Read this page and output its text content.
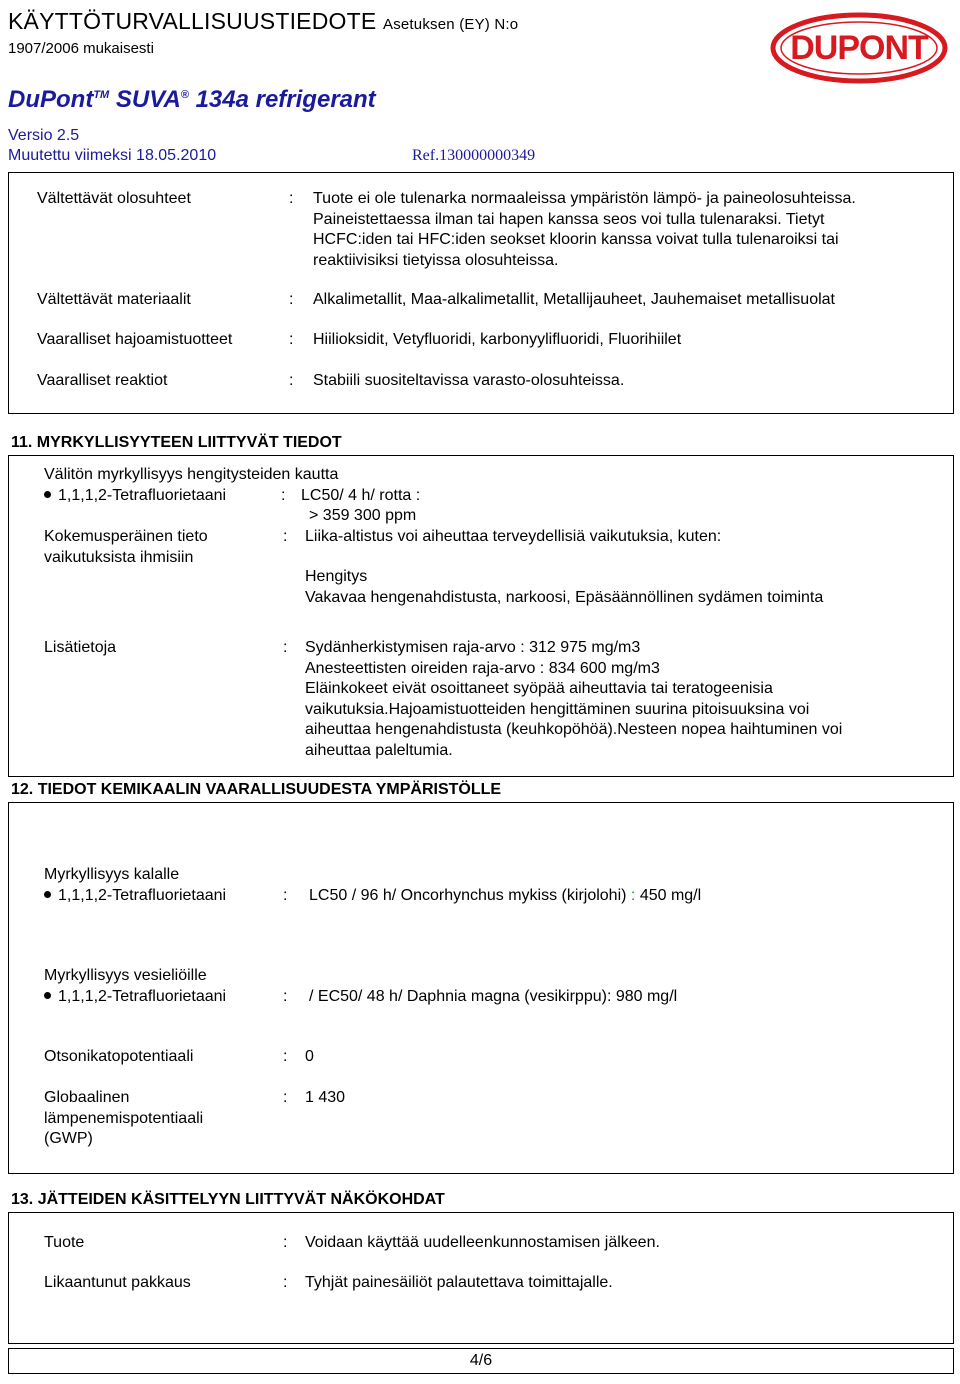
KÄYTTÖTURVALLISUUSTIEDOTE Asetuksen (EY) N:o
1907/2006 mukaisesti	DUPONT
DuPont™ SUVA® 134a refrigerant
Versio 2.5
Muutettu viimeksi 18.05.2010	Ref.130000000349
Vältettävät olosuhteet	: Tuote ei ole tulenarka normaaleissa ympäristön lämpö- ja paineolosuhteissa.
Paineistettaessa ilman tai hapen kanssa seos voi tulla tulenaraksi. Tietyt
HCFC:iden tai HFC:iden seokset kloorin kanssa voivat tulla tulenaroiksi tai
reaktiivisiksi tietyissa olosuhteissa.
Vältettävät materiaalit	: Alkalimetallit, Maa-alkalimetallit, Metallijauheet, Jauhemaiset metallisuolat
Vaaralliset hajoamistuotteet	: Hiilioksidit, Vetyfluoridi, karbonyylifluoridi, Fluorihiilet
Vaaralliset reaktiot	: Stabiili suositeltavissa varasto-olosuhteissa.
11. MYRKYLLISYYTEEN LIITTYVÄT TIEDOT
Välitön myrkyllisyys hengitysteiden kautta
1,1,1,2-Tetrafluorietaani	: LC50/ 4 h/ rotta :
> 359 300 ppm
Kokemusperäinen tieto
vaikutuksista ihmisiin
: Liika-altistus voi aiheuttaa terveydellisiä vaikutuksia, kuten:
Hengitys
Vakavaa hengenahdistusta, narkoosi, Epäsäännöllinen sydämen toiminta
Lisätietoja	: Sydänherkistymisen raja-arvo : 312 975 mg/m3
Anesteettisten oireiden raja-arvo : 834 600 mg/m3
Eläinkokeet eivät osoittaneet syöpää aiheuttavia tai teratogeenisia
vaikutuksia.Hajoamistuotteiden hengittäminen suurina pitoisuuksina voi
aiheuttaa hengenahdistusta (keuhkopöhöä).Nesteen nopea haihtuminen voi
aiheuttaa paleltumia.
12. TIEDOT KEMIKAALIN VAARALLISUUDESTA YMPÄRISTÖLLE
Myrkyllisyys kalalle
1,1,1,2-Tetrafluorietaani	: LC50 / 96 h/ Oncorhynchus mykiss (kirjolohi) : 450 mg/l
Myrkyllisyys vesieliöille
1,1,1,2-Tetrafluorietaani	: / EC50/ 48 h/ Daphnia magna (vesikirppu): 980 mg/l
Otsonikatopotentiaali	: 0
Globaalinen
lämpenemispotentiaali
(GWP)
: 1 430
13. JÄTTEIDEN KÄSITTELYYN LIITTYVÄT NÄKÖKOHDAT
Tuote	: Voidaan käyttää uudelleenkunnostamisen jälkeen.
Likaantunut pakkaus	: Tyhjät painesäiliöt palautettava toimittajalle.
4/6
